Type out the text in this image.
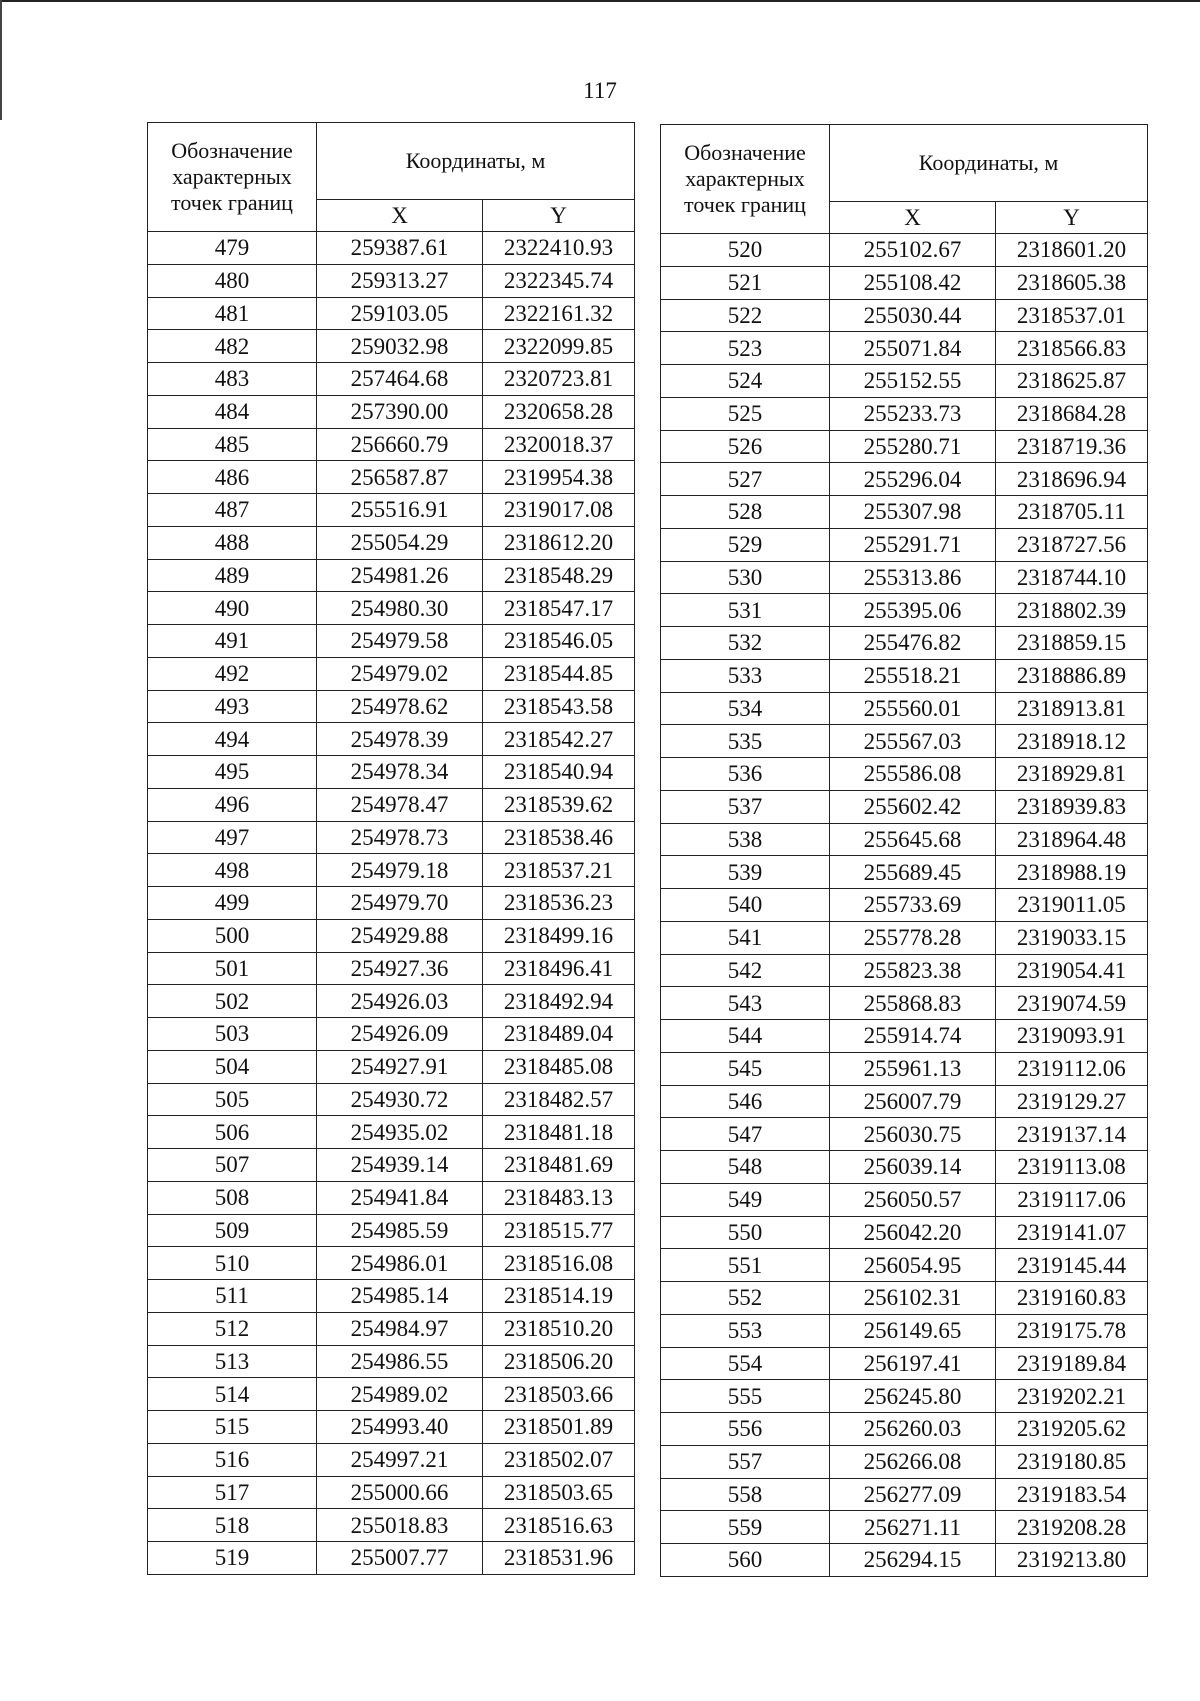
117
Обозначение характерных точек границ	Координаты, м	
	X	Y
479	259387.61	2322410.93
480	259313.27	2322345.74
481	259103.05	2322161.32
482	259032.98	2322099.85
483	257464.68	2320723.81
484	257390.00	2320658.28
485	256660.79	2320018.37
486	256587.87	2319954.38
487	255516.91	2319017.08
488	255054.29	2318612.20
489	254981.26	2318548.29
490	254980.30	2318547.17
491	254979.58	2318546.05
492	254979.02	2318544.85
493	254978.62	2318543.58
494	254978.39	2318542.27
495	254978.34	2318540.94
496	254978.47	2318539.62
497	254978.73	2318538.46
498	254979.18	2318537.21
499	254979.70	2318536.23
500	254929.88	2318499.16
501	254927.36	2318496.41
502	254926.03	2318492.94
503	254926.09	2318489.04
504	254927.91	2318485.08
505	254930.72	2318482.57
506	254935.02	2318481.18
507	254939.14	2318481.69
508	254941.84	2318483.13
509	254985.59	2318515.77
510	254986.01	2318516.08
511	254985.14	2318514.19
512	254984.97	2318510.20
513	254986.55	2318506.20
514	254989.02	2318503.66
515	254993.40	2318501.89
516	254997.21	2318502.07
517	255000.66	2318503.65
518	255018.83	2318516.63
519	255007.77	2318531.96
Обозначение характерных точек границ	Координаты, м	
	X	Y
520	255102.67	2318601.20
521	255108.42	2318605.38
522	255030.44	2318537.01
523	255071.84	2318566.83
524	255152.55	2318625.87
525	255233.73	2318684.28
526	255280.71	2318719.36
527	255296.04	2318696.94
528	255307.98	2318705.11
529	255291.71	2318727.56
530	255313.86	2318744.10
531	255395.06	2318802.39
532	255476.82	2318859.15
533	255518.21	2318886.89
534	255560.01	2318913.81
535	255567.03	2318918.12
536	255586.08	2318929.81
537	255602.42	2318939.83
538	255645.68	2318964.48
539	255689.45	2318988.19
540	255733.69	2319011.05
541	255778.28	2319033.15
542	255823.38	2319054.41
543	255868.83	2319074.59
544	255914.74	2319093.91
545	255961.13	2319112.06
546	256007.79	2319129.27
547	256030.75	2319137.14
548	256039.14	2319113.08
549	256050.57	2319117.06
550	256042.20	2319141.07
551	256054.95	2319145.44
552	256102.31	2319160.83
553	256149.65	2319175.78
554	256197.41	2319189.84
555	256245.80	2319202.21
556	256260.03	2319205.62
557	256266.08	2319180.85
558	256277.09	2319183.54
559	256271.11	2319208.28
560	256294.15	2319213.80
